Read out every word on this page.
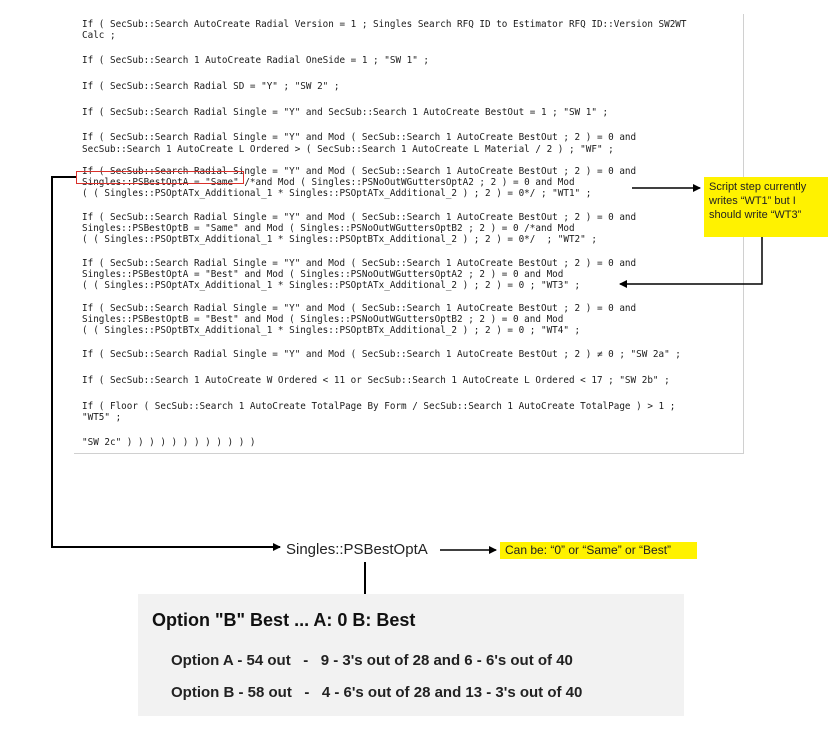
If ( SecSub::Search AutoCreate Radial Version = 1 ; Singles Search RFQ ID to Estimator RFQ ID::Version SW2WT

Calc ;

If ( SecSub::Search 1 AutoCreate Radial OneSide = 1 ; "SW 1" ;

If ( SecSub::Search Radial SD = "Y" ; "SW 2" ;

If ( SecSub::Search Radial Single = "Y" and SecSub::Search 1 AutoCreate BestOut = 1 ; "SW 1" ;

If ( SecSub::Search Radial Single = "Y" and Mod ( SecSub::Search 1 AutoCreate BestOut ; 2 ) = 0 and

SecSub::Search 1 AutoCreate L Ordered > ( SecSub::Search 1 AutoCreate L Material / 2 ) ; "WF" ;

If ( SecSub::Search Radial Single = "Y" and Mod ( SecSub::Search 1 AutoCreate BestOut ; 2 ) = 0 and

Singles::PSBestOptA = "Same" /*and Mod ( Singles::PSNoOutWGuttersOptA2 ; 2 ) = 0 and Mod

( ( Singles::PSOptATx_Additional_1 * Singles::PSOptATx_Additional_2 ) ; 2 ) = 0*/ ; "WT1" ;

If ( SecSub::Search Radial Single = "Y" and Mod ( SecSub::Search 1 AutoCreate BestOut ; 2 ) = 0 and

Singles::PSBestOptB = "Same" and Mod ( Singles::PSNoOutWGuttersOptB2 ; 2 ) = 0 /*and Mod

( ( Singles::PSOptBTx_Additional_1 * Singles::PSOptBTx_Additional_2 ) ; 2 ) = 0*/  ; "WT2" ;

If ( SecSub::Search Radial Single = "Y" and Mod ( SecSub::Search 1 AutoCreate BestOut ; 2 ) = 0 and

Singles::PSBestOptA = "Best" and Mod ( Singles::PSNoOutWGuttersOptA2 ; 2 ) = 0 and Mod

( ( Singles::PSOptATx_Additional_1 * Singles::PSOptATx_Additional_2 ) ; 2 ) = 0 ; "WT3" ;

If ( SecSub::Search Radial Single = "Y" and Mod ( SecSub::Search 1 AutoCreate BestOut ; 2 ) = 0 and

Singles::PSBestOptB = "Best" and Mod ( Singles::PSNoOutWGuttersOptB2 ; 2 ) = 0 and Mod

( ( Singles::PSOptBTx_Additional_1 * Singles::PSOptBTx_Additional_2 ) ; 2 ) = 0 ; "WT4" ;

If ( SecSub::Search Radial Single = "Y" and Mod ( SecSub::Search 1 AutoCreate BestOut ; 2 ) ≠ 0 ; "SW 2a" ;

If ( SecSub::Search 1 AutoCreate W Ordered < 11 or SecSub::Search 1 AutoCreate L Ordered < 17 ; "SW 2b" ;

If ( Floor ( SecSub::Search 1 AutoCreate TotalPage By Form / SecSub::Search 1 AutoCreate TotalPage ) > 1 ;

"WT5" ;

"SW 2c" ) ) ) ) ) ) ) ) ) ) ) )

Script step currently writes “WT1” but I should write “WT3”
Singles::PSBestOptA	Can be: “0” or “Same” or “Best”

Option "B" Best ... A: 0 B: Best

Option A - 54 out   -   9 - 3's out of 28 and 6 - 6's out of 40

Option B - 58 out   -   4 - 6's out of 28 and 13 - 3's out of 40
